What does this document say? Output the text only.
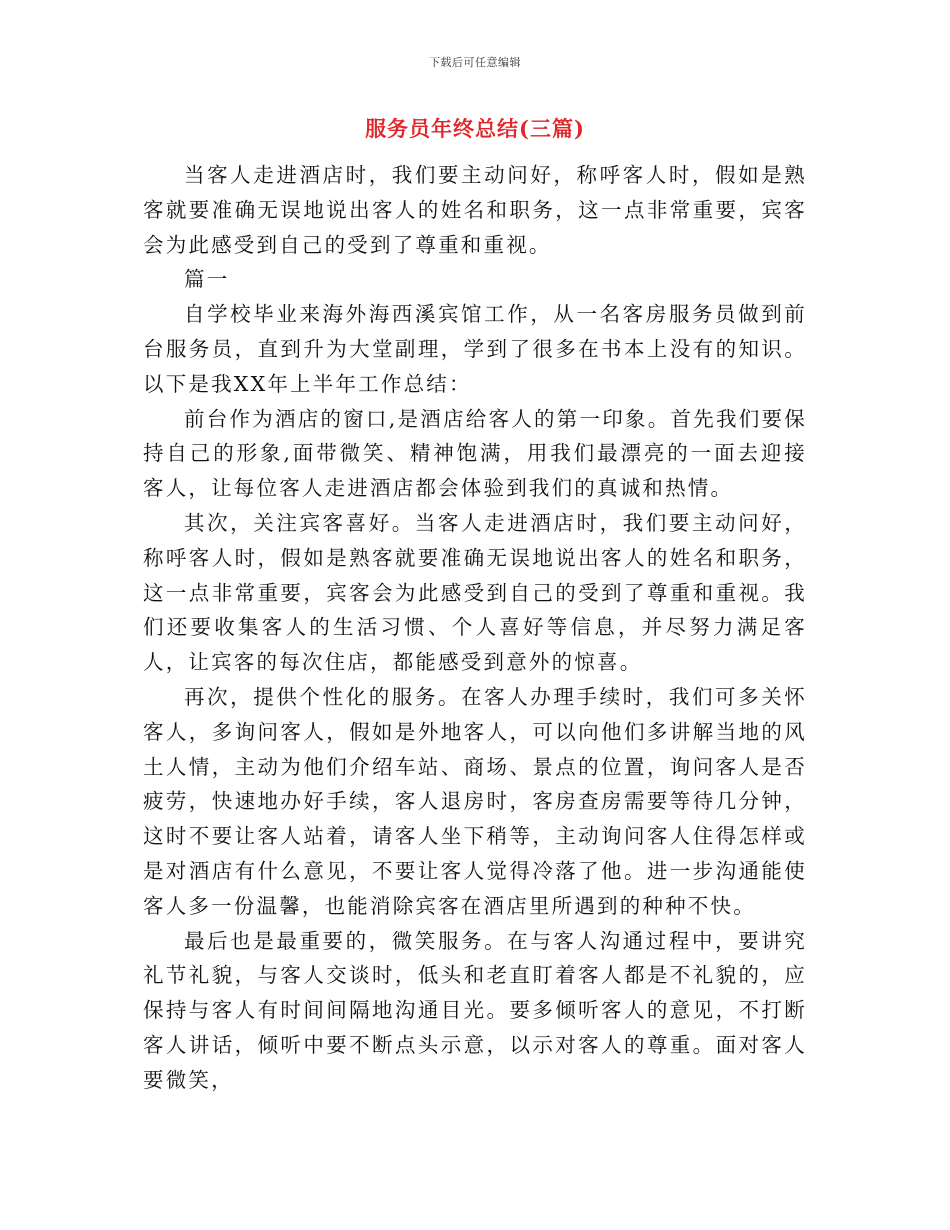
下载后可任意编辑
服务员年终总结(三篇)

当客人走进酒店时，我们要主动问好，称呼客人时，假如是熟客就要准确无误地说出客人的姓名和职务，这一点非常重要，宾客会为此感受到自己的受到了尊重和重视。

篇一

自学校毕业来海外海西溪宾馆工作，从一名客房服务员做到前台服务员，直到升为大堂副理，学到了很多在书本上没有的知识。以下是我XX年上半年工作总结：

前台作为酒店的窗口,是酒店给客人的第一印象。首先我们要保持自己的形象,面带微笑、精神饱满，用我们最漂亮的一面去迎接客人，让每位客人走进酒店都会体验到我们的真诚和热情。

其次，关注宾客喜好。当客人走进酒店时，我们要主动问好，称呼客人时，假如是熟客就要准确无误地说出客人的姓名和职务，这一点非常重要，宾客会为此感受到自己的受到了尊重和重视。我们还要收集客人的生活习惯、个人喜好等信息，并尽努力满足客人，让宾客的每次住店，都能感受到意外的惊喜。

再次，提供个性化的服务。在客人办理手续时，我们可多关怀客人，多询问客人，假如是外地客人，可以向他们多讲解当地的风土人情，主动为他们介绍车站、商场、景点的位置，询问客人是否疲劳，快速地办好手续，客人退房时，客房查房需要等待几分钟，这时不要让客人站着，请客人坐下稍等，主动询问客人住得怎样或是对酒店有什么意见，不要让客人觉得冷落了他。进一步沟通能使客人多一份温馨，也能消除宾客在酒店里所遇到的种种不快。

最后也是最重要的，微笑服务。在与客人沟通过程中，要讲究礼节礼貌，与客人交谈时，低头和老直盯着客人都是不礼貌的，应保持与客人有时间间隔地沟通目光。要多倾听客人的意见，不打断客人讲话，倾听中要不断点头示意，以示对客人的尊重。面对客人要微笑，
